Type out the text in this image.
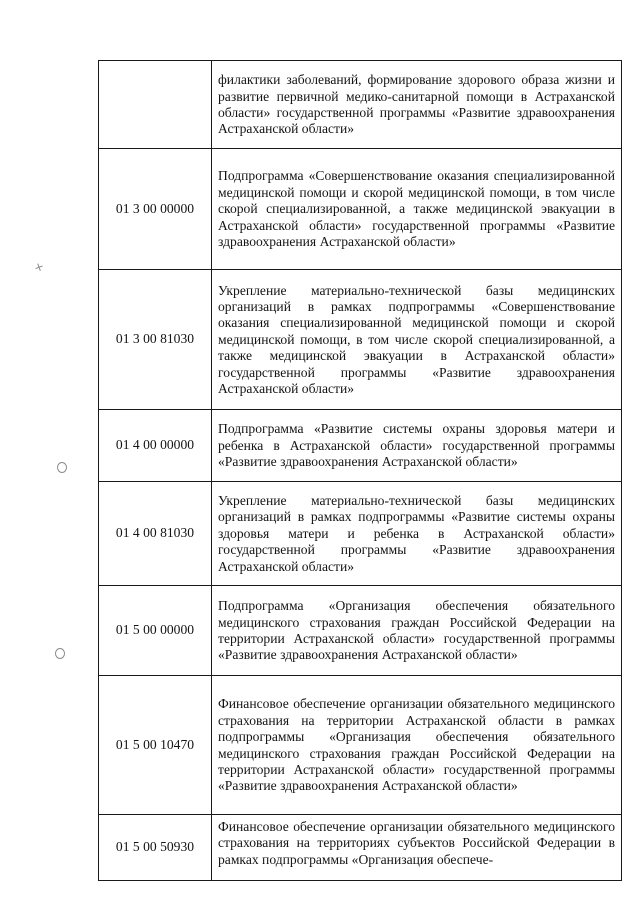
+
	филактики заболеваний, формирование здорового образа жизни и развитие первичной медико-санитарной помощи в Астраханской области» государственной программы «Развитие здравоохранения Астраханской области»
01 3 00 00000	Подпрограмма «Совершенствование оказания специализированной медицинской помощи и скорой медицинской помощи, в том числе скорой специализированной, а также медицинской эвакуации в Астраханской области» государственной программы «Развитие здравоохранения Астраханской области»
01 3 00 81030	Укрепление материально-технической базы медицинских организаций в рамках подпрограммы «Совершенствование оказания специализированной медицинской помощи и скорой медицинской помощи, в том числе скорой специализированной, а также медицинской эвакуации в Астраханской области» государственной программы «Развитие здравоохранения Астраханской области»
01 4 00 00000	Подпрограмма «Развитие системы охраны здоровья матери и ребенка в Астраханской области» государственной программы «Развитие здравоохранения Астраханской области»
01 4 00 81030	Укрепление материально-технической базы медицинских организаций в рамках подпрограммы «Развитие системы охраны здоровья матери и ребенка в Астраханской области» государственной программы «Развитие здравоохранения Астраханской области»
01 5 00 00000	Подпрограмма «Организация обеспечения обязательного медицинского страхования граждан Российской Федерации на территории Астраханской области» государственной программы «Развитие здравоохранения Астраханской области»
01 5 00 10470	Финансовое обеспечение организации обязательного медицинского страхования на территории Астраханской области в рамках подпрограммы «Организация обеспечения обязательного медицинского страхования граждан Российской Федерации на территории Астраханской области» государственной программы «Развитие здравоохранения Астраханской области»
01 5 00 50930	Финансовое обеспечение организации обязательного медицинского страхования на территориях субъектов Российской Федерации в рамках подпрограммы «Организация обеспече-
